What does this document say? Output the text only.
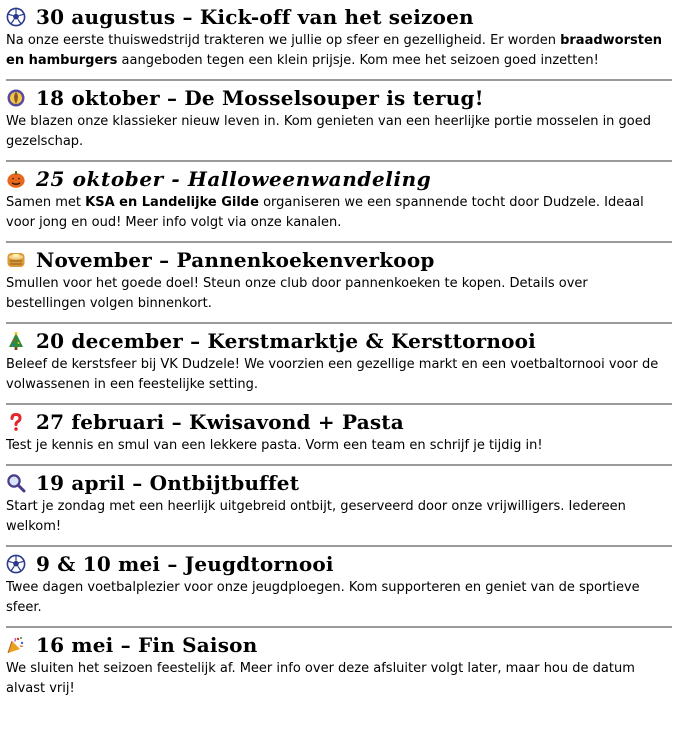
30 augustus – Kick-off van het seizoen
Na onze eerste thuiswedstrijd trakteren we jullie op sfeer en gezelligheid. Er worden braadworsten en hamburgers aangeboden tegen een klein prijsje. Kom mee het seizoen goed inzetten!
18 oktober – De Mosselsouper is terug!
We blazen onze klassieker nieuw leven in. Kom genieten van een heerlijke portie mosselen in goed gezelschap.
25 oktober - Halloweenwandeling
Samen met KSA en Landelijke Gilde organiseren we een spannende tocht door Dudzele. Ideaal voor jong en oud! Meer info volgt via onze kanalen.
November – Pannenkoekenverkoop
Smullen voor het goede doel! Steun onze club door pannenkoeken te kopen. Details over bestellingen volgen binnenkort.
20 december – Kerstmarktje & Kersttornooi
Beleef de kerstsfeer bij VK Dudzele! We voorzien een gezellige markt en een voetbaltornooi voor de volwassenen in een feestelijke setting.
27 februari – Kwisavond + Pasta
Test je kennis en smul van een lekkere pasta. Vorm een team en schrijf je tijdig in!
19 april – Ontbijtbuffet
Start je zondag met een heerlijk uitgebreid ontbijt, geserveerd door onze vrijwilligers. Iedereen welkom!
9 & 10 mei – Jeugdtornooi
Twee dagen voetbalplezier voor onze jeugdploegen. Kom supporteren en geniet van de sportieve sfeer.
16 mei – Fin Saison
We sluiten het seizoen feestelijk af. Meer info over deze afsluiter volgt later, maar hou de datum alvast vrij!
